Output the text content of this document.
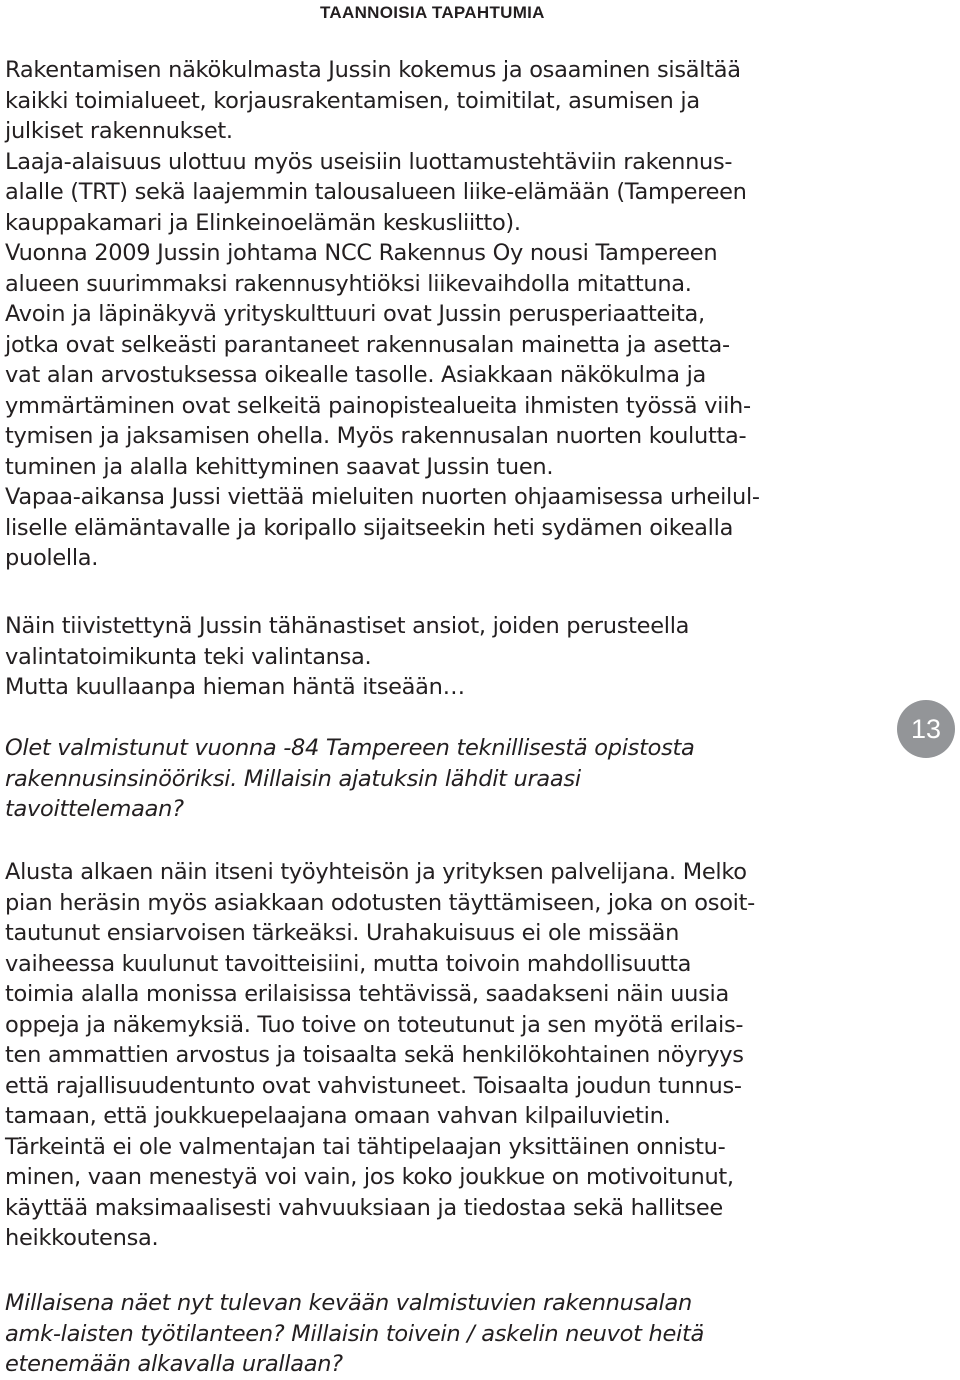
TAANNOISIA TAPAHTUMIA
Rakentamisen näkökulmasta Jussin kokemus ja osaaminen sisältää
kaikki toimialueet, korjausrakentamisen, toimitilat, asumisen ja
julkiset rakennukset.
Laaja-alaisuus ulottuu myös useisiin luottamustehtäviin rakennus-
alalle (TRT) sekä laajemmin talousalueen liike-elämään (Tampereen
kauppakamari ja Elinkeinoelämän keskusliitto).
Vuonna 2009 Jussin johtama NCC Rakennus Oy nousi Tampereen
alueen suurimmaksi rakennusyhtiöksi liikevaihdolla mitattuna.
Avoin ja läpinäkyvä yrityskulttuuri ovat Jussin perusperiaatteita,
jotka ovat selkeästi parantaneet rakennusalan mainetta ja asetta-
vat alan arvostuksessa oikealle tasolle. Asiakkaan näkökulma ja
ymmärtäminen ovat selkeitä painopistealueita ihmisten työssä viih-
tymisen ja jaksamisen ohella. Myös rakennusalan nuorten koulutta-
tuminen ja alalla kehittyminen saavat Jussin tuen.
Vapaa-aikansa Jussi viettää mieluiten nuorten ohjaamisessa urheilul-
liselle elämäntavalle ja koripallo sijaitseekin heti sydämen oikealla
puolella.
Näin tiivistettynä Jussin tähänastiset ansiot, joiden perusteella
valintatoimikunta teki valintansa.
Mutta kuullaanpa hieman häntä itseään…
Olet valmistunut vuonna -84 Tampereen teknillisestä opistosta
rakennusinsinööriksi. Millaisin ajatuksin lähdit uraasi
tavoittelemaan?
Alusta alkaen näin itseni työyhteisön ja yrityksen palvelijana. Melko
pian heräsin myös asiakkaan odotusten täyttämiseen, joka on osoit-
tautunut ensiarvoisen tärkeäksi. Urahakuisuus ei ole missään
vaiheessa kuulunut tavoitteisiini, mutta toivoin mahdollisuutta
toimia alalla monissa erilaisissa tehtävissä, saadakseni näin uusia
oppeja ja näkemyksiä. Tuo toive on toteutunut ja sen myötä erilais-
ten ammattien arvostus ja toisaalta sekä henkilökohtainen nöyryys
että rajallisuudentunto ovat vahvistuneet. Toisaalta joudun tunnus-
tamaan, että joukkuepelaajana omaan vahvan kilpailuvietin.
Tärkeintä ei ole valmentajan tai tähtipelaajan yksittäinen onnistu-
minen, vaan menestyä voi vain, jos koko joukkue on motivoitunut,
käyttää maksimaalisesti vahvuuksiaan ja tiedostaa sekä hallitsee
heikkoutensa.
Millaisena näet nyt tulevan kevään valmistuvien rakennusalan
amk-laisten työtilanteen? Millaisin toivein / askelin neuvot heitä
etenemään alkavalla urallaan?
13
